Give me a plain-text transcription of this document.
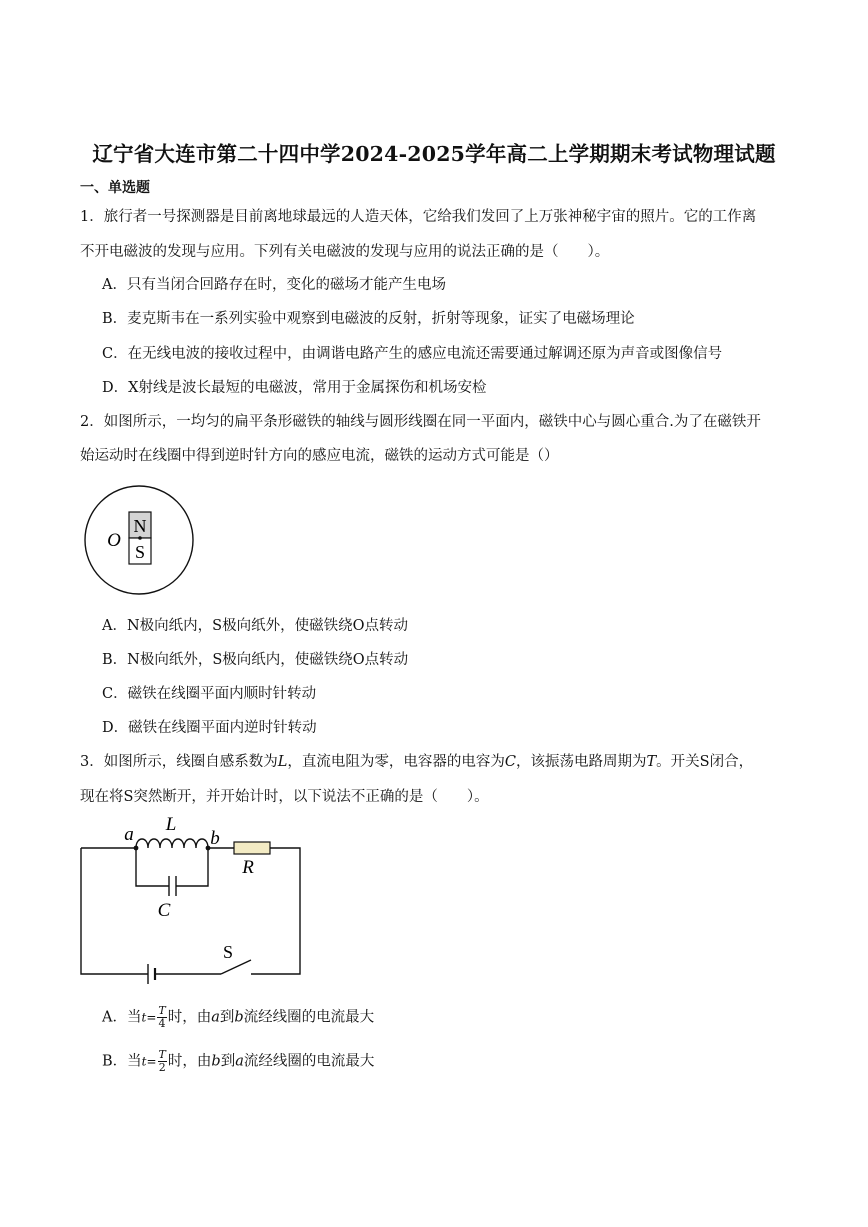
辽宁省大连市第二十四中学2024-2025学年高二上学期期末考试物理试题
一、单选题
1．旅行者一号探测器是目前离地球最远的人造天体，它给我们发回了上万张神秘宇宙的照片。它的工作离
不开电磁波的发现与应用。下列有关电磁波的发现与应用的说法正确的是（　　）。
A．只有当闭合回路存在时，变化的磁场才能产生电场
B．麦克斯韦在一系列实验中观察到电磁波的反射，折射等现象，证实了电磁场理论
C．在无线电波的接收过程中，由调谐电路产生的感应电流还需要通过解调还原为声音或图像信号
D．X射线是波长最短的电磁波，常用于金属探伤和机场安检
2．如图所示，一均匀的扁平条形磁铁的轴线与圆形线圈在同一平面内，磁铁中心与圆心重合.为了在磁铁开
始运动时在线圈中得到逆时针方向的感应电流，磁铁的运动方式可能是（）
N
S
O
A．N极向纸内，S极向纸外，使磁铁绕O点转动
B．N极向纸外，S极向纸内，使磁铁绕O点转动
C．磁铁在线圈平面内顺时针转动
D．磁铁在线圈平面内逆时针转动
3．如图所示，线圈自感系数为L，直流电阻为零，电容器的电容为C，该振荡电路周期为T。开关S闭合，
现在将S突然断开，并开始计时，以下说法不正确的是（　　）。
a	b
L
R
C
S
A．当$t= \frac{T}{4}$ 时，由a到b流经线圈的电流最大
B．当$t= \frac{T}{2}$ 时，由b到a流经线圈的电流最大
